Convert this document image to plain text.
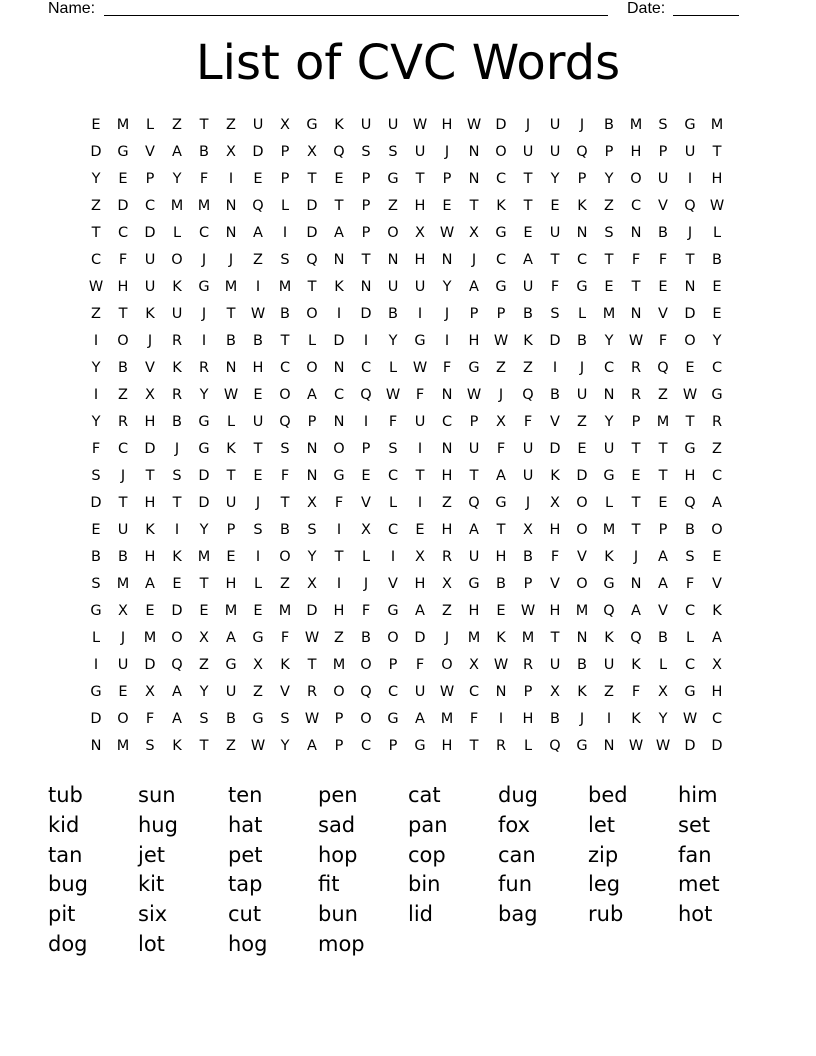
Name:	Date:
List of CVC Words
E	M	L	Z	T	Z	U	X	G	K	U	U	W H W D	J	U	J	B	M	S	G	M
D	G	V	A	B	X	D	P	X	Q	S	S	U	J	N	O	U	U	Q	P	H	P	U	T
Y	E	P	Y	F	I	E	P	T	E	P	G	T	P	N	C	T	Y	P	Y	O	U	I	H
Z	D	C	M M	N	Q	L	D	T	P	Z	H	E	T	K	T	E	K	Z	C	V	Q W
T	C	D	L	C	N	A	I	D	A	P	O	X	W	X	G	E	U	N	S	N	B	J	L
C	F	U	O	J	J	Z	S	Q	N	T	N	H	N	J	C	A	T	C	T	F	F	T	B
W H	U	K	G	M	I	M	T	K	N	U	U	Y	A	G	U	F	G	E	T	E	N	E
Z	T	K	U	J	T	W	B	O	I	D	B	I	J	P	P	B	S	L	M	N	V	D	E
I	O	J	R	I	B	B	T	L	D	I	Y	G	I	H W	K	D	B	Y	W	F	O	Y
Y	B	V	K	R	N	H	C	O	N	C	L	W	F	G	Z	Z	I	J	C	R	Q	E	C
I	Z	X	R	Y	W	E	O	A	C	Q W	F	N W	J	Q	B	U	N	R	Z	W G
Y	R	H	B	G	L	U	Q	P	N	I	F	U	C	P	X	F	V	Z	Y	P	M	T	R
F	C	D	J	G	K	T	S	N	O	P	S	I	N	U	F	U	D	E	U	T	T	G	Z
S	J	T	S	D	T	E	F	N	G	E	C	T	H	T	A	U	K	D	G	E	T	H	C
D	T	H	T	D	U	J	T	X	F	V	L	I	Z	Q	G	J	X	O	L	T	E	Q	A
E	U	K	I	Y	P	S	B	S	I	X	C	E	H	A	T	X	H	O	M	T	P	B	O
B	B	H	K	M	E	I	O	Y	T	L	I	X	R	U	H	B	F	V	K	J	A	S	E
S	M	A	E	T	H	L	Z	X	I	J	V	H	X	G	B	P	V	O	G	N	A	F	V
G	X	E	D	E	M	E	M	D	H	F	G	A	Z	H	E	W H	M	Q	A	V	C	K
L	J	M	O	X	A	G	F	W	Z	B	O	D	J	M	K	M	T	N	K	Q	B	L	A
I	U	D	Q	Z	G	X	K	T	M	O	P	F	O	X	W	R	U	B	U	K	L	C	X
G	E	X	A	Y	U	Z	V	R	O	Q	C	U	W	C	N	P	X	K	Z	F	X	G	H
D	O	F	A	S	B	G	S	W	P	O	G	A	M	F	I	H	B	J	I	K	Y	W	C
N	M	S	K	T	Z	W	Y	A	P	C	P	G	H	T	R	L	Q	G	N W W D	D
tub	sun ten	pen cat	dug bed him
kid	hug hat	sad	pan fox	let	set
tan	jet	pet	hop cop can zip	fan
bug kit	tap	fit	bin	fun	leg	met
pit	six	cut	bun lid	bag rub	hot
dog lot	hog mop
